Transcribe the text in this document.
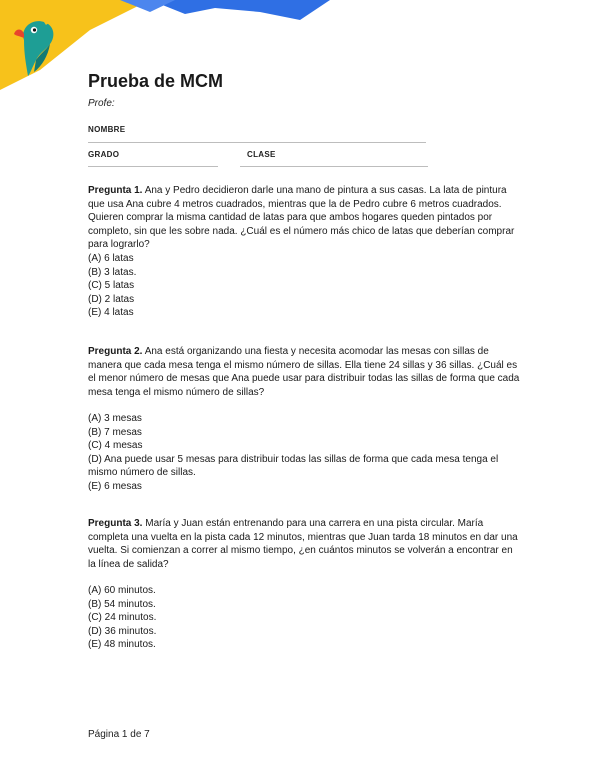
Prueba de MCM
Profe:
NOMBRE
GRADO	CLASE
Pregunta 1. Ana y Pedro decidieron darle una mano de pintura a sus casas. La lata de pintura que usa Ana cubre 4 metros cuadrados, mientras que la de Pedro cubre 6 metros cuadrados. Quieren comprar la misma cantidad de latas para que ambos hogares queden pintados por completo, sin que les sobre nada. ¿Cuál es el número más chico de latas que deberían comprar para lograrlo?
(A) 6 latas
(B) 3 latas.
(C) 5 latas
(D) 2 latas
(E) 4 latas
Pregunta 2. Ana está organizando una fiesta y necesita acomodar las mesas con sillas de manera que cada mesa tenga el mismo número de sillas. Ella tiene 24 sillas y 36 sillas. ¿Cuál es el menor número de mesas que Ana puede usar para distribuir todas las sillas de forma que cada mesa tenga el mismo número de sillas?
(A) 3 mesas
(B) 7 mesas
(C) 4 mesas
(D) Ana puede usar 5 mesas para distribuir todas las sillas de forma que cada mesa tenga el mismo número de sillas.
(E) 6 mesas
Pregunta 3. María y Juan están entrenando para una carrera en una pista circular. María completa una vuelta en la pista cada 12 minutos, mientras que Juan tarda 18 minutos en dar una vuelta. Si comienzan a correr al mismo tiempo, ¿en cuántos minutos se volverán a encontrar en la línea de salida?
(A) 60 minutos.
(B) 54 minutos.
(C) 24 minutos.
(D) 36 minutos.
(E) 48 minutos.
Página 1 de 7
